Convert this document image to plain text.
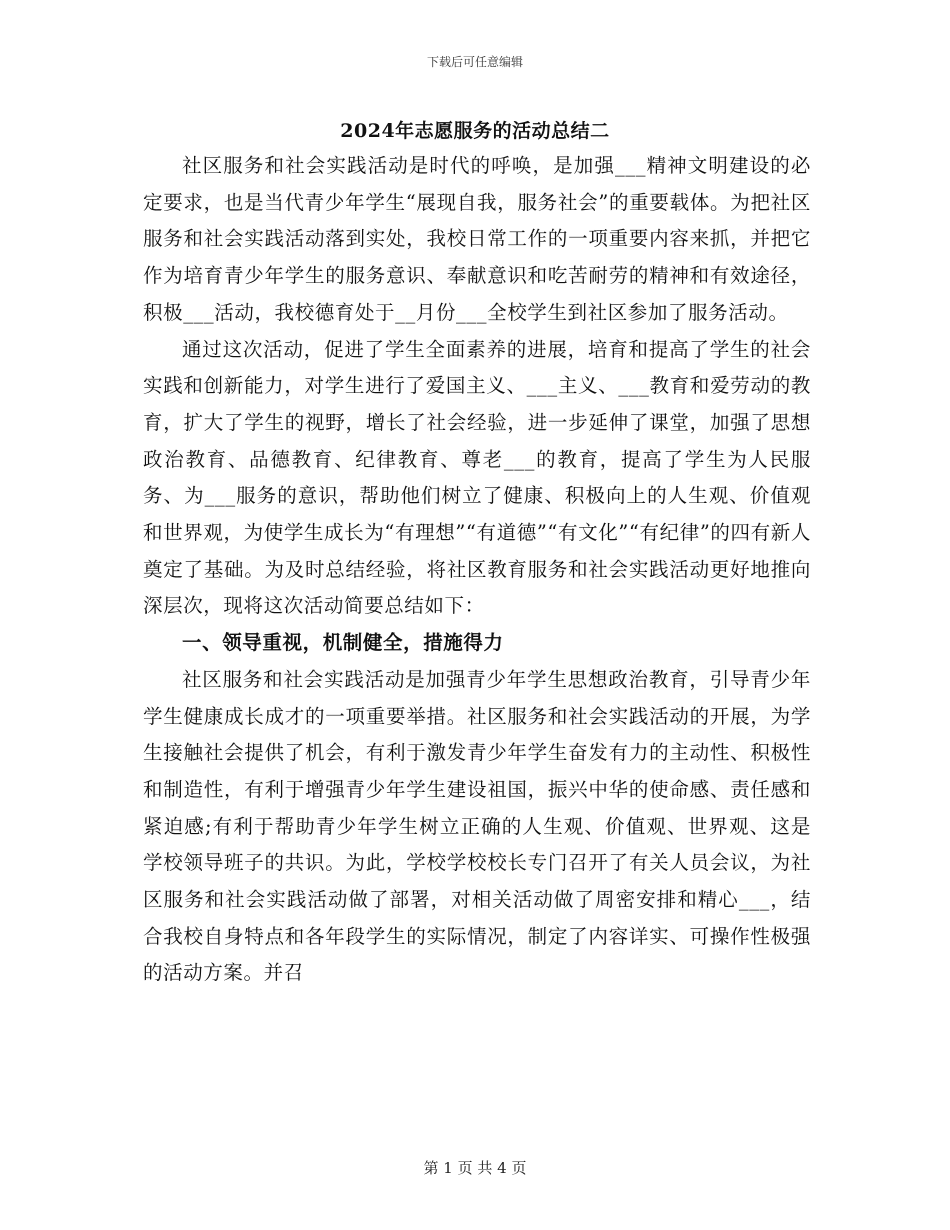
下载后可任意编辑
2024年志愿服务的活动总结二

社区服务和社会实践活动是时代的呼唤，是加强___精神文明建设的必定要求，也是当代青少年学生“展现自我，服务社会”的重要载体。为把社区服务和社会实践活动落到实处，我校日常工作的一项重要内容来抓，并把它作为培育青少年学生的服务意识、奉献意识和吃苦耐劳的精神和有效途径，积极___活动，我校德育处于__月份___全校学生到社区参加了服务活动。

通过这次活动，促进了学生全面素养的进展，培育和提高了学生的社会实践和创新能力，对学生进行了爱国主义、___主义、___教育和爱劳动的教育，扩大了学生的视野，增长了社会经验，进一步延伸了课堂，加强了思想政治教育、品德教育、纪律教育、尊老___的教育，提高了学生为人民服务、为___服务的意识，帮助他们树立了健康、积极向上的人生观、价值观和世界观，为使学生成长为“有理想”“有道德”“有文化”“有纪律”的四有新人奠定了基础。为及时总结经验，将社区教育服务和社会实践活动更好地推向深层次，现将这次活动简要总结如下：

一、领导重视，机制健全，措施得力

社区服务和社会实践活动是加强青少年学生思想政治教育，引导青少年学生健康成长成才的一项重要举措。社区服务和社会实践活动的开展，为学生接触社会提供了机会，有利于激发青少年学生奋发有力的主动性、积极性和制造性，有利于增强青少年学生建设祖国，振兴中华的使命感、责任感和紧迫感;有利于帮助青少年学生树立正确的人生观、价值观、世界观、这是学校领导班子的共识。为此，学校学校校长专门召开了有关人员会议，为社区服务和社会实践活动做了部署，对相关活动做了周密安排和精心___，结合我校自身特点和各年段学生的实际情况，制定了内容详实、可操作性极强的活动方案。并召

第 1 页 共 4 页
